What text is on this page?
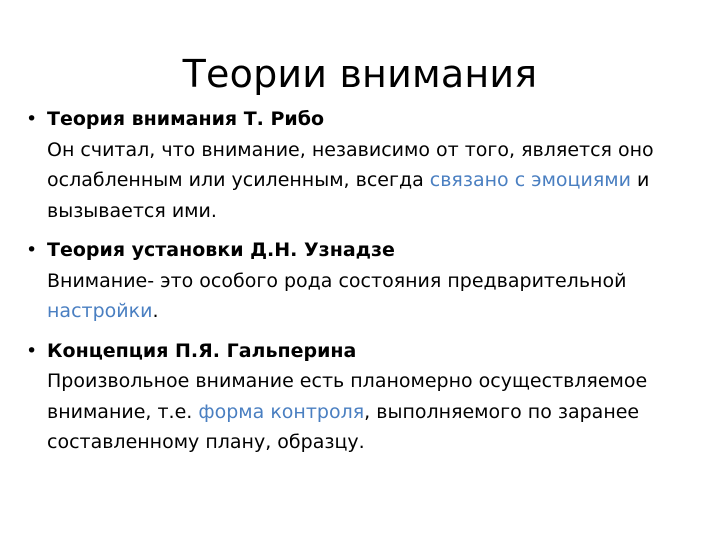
Теории внимания
• Теория внимания Т. Рибо
Он считал, что внимание, независимо от того, является оно ослабленным или усиленным, всегда связано с эмоциями и вызывается ими.
• Теория установки Д.Н. Узнадзе
Внимание- это особого рода состояния предварительной настройки.
• Концепция П.Я. Гальперина
Произвольное внимание есть планомерно осуществляемое внимание, т.е. форма контроля, выполняемого по заранее составленному плану, образцу.
